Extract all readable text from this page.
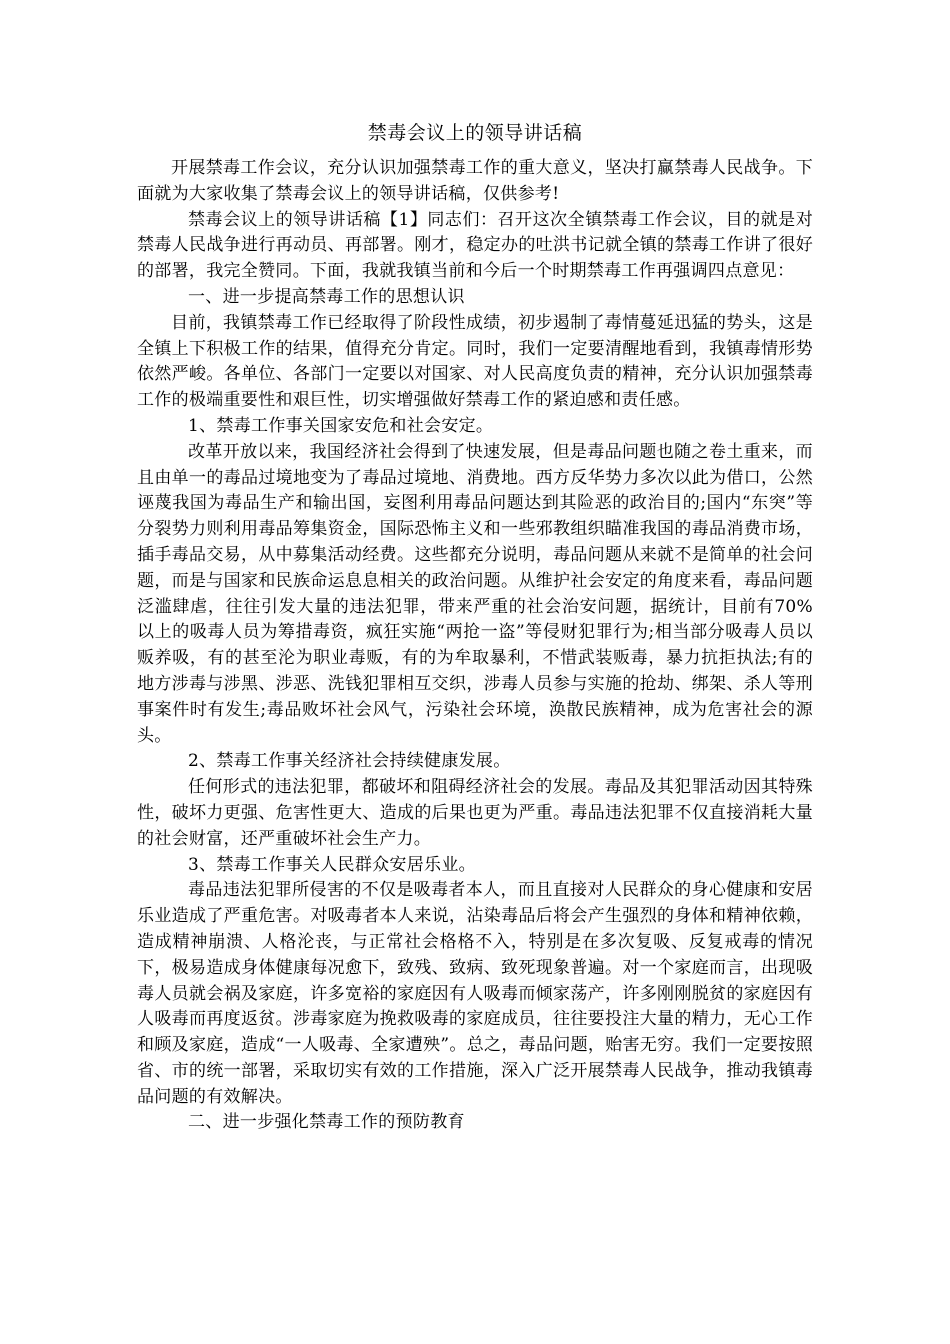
禁毒会议上的领导讲话稿

开展禁毒工作会议，充分认识加强禁毒工作的重大意义，坚决打赢禁毒人民战争。下面就为大家收集了禁毒会议上的领导讲话稿，仅供参考!

禁毒会议上的领导讲话稿【1】同志们：召开这次全镇禁毒工作会议，目的就是对禁毒人民战争进行再动员、再部署。刚才，稳定办的吐洪书记就全镇的禁毒工作讲了很好的部署，我完全赞同。下面，我就我镇当前和今后一个时期禁毒工作再强调四点意见：

一、进一步提高禁毒工作的思想认识

目前，我镇禁毒工作已经取得了阶段性成绩，初步遏制了毒情蔓延迅猛的势头，这是全镇上下积极工作的结果，值得充分肯定。同时，我们一定要清醒地看到，我镇毒情形势依然严峻。各单位、各部门一定要以对国家、对人民高度负责的精神，充分认识加强禁毒工作的极端重要性和艰巨性，切实增强做好禁毒工作的紧迫感和责任感。

1、禁毒工作事关国家安危和社会安定。

改革开放以来，我国经济社会得到了快速发展，但是毒品问题也随之卷土重来，而且由单一的毒品过境地变为了毒品过境地、消费地。西方反华势力多次以此为借口，公然诬蔑我国为毒品生产和输出国，妄图利用毒品问题达到其险恶的政治目的;国内“东突”等分裂势力则利用毒品筹集资金，国际恐怖主义和一些邪教组织瞄准我国的毒品消费市场，插手毒品交易，从中募集活动经费。这些都充分说明，毒品问题从来就不是简单的社会问题，而是与国家和民族命运息息相关的政治问题。从维护社会安定的角度来看，毒品问题泛滥肆虐，往往引发大量的违法犯罪，带来严重的社会治安问题，据统计，目前有70%以上的吸毒人员为筹措毒资，疯狂实施“两抢一盗”等侵财犯罪行为;相当部分吸毒人员以贩养吸，有的甚至沦为职业毒贩，有的为牟取暴利，不惜武装贩毒，暴力抗拒执法;有的地方涉毒与涉黑、涉恶、洗钱犯罪相互交织，涉毒人员参与实施的抢劫、绑架、杀人等刑事案件时有发生;毒品败坏社会风气，污染社会环境，涣散民族精神，成为危害社会的源头。

2、禁毒工作事关经济社会持续健康发展。

任何形式的违法犯罪，都破坏和阻碍经济社会的发展。毒品及其犯罪活动因其特殊性，破坏力更强、危害性更大、造成的后果也更为严重。毒品违法犯罪不仅直接消耗大量的社会财富，还严重破坏社会生产力。

3、禁毒工作事关人民群众安居乐业。

毒品违法犯罪所侵害的不仅是吸毒者本人，而且直接对人民群众的身心健康和安居乐业造成了严重危害。对吸毒者本人来说，沾染毒品后将会产生强烈的身体和精神依赖，造成精神崩溃、人格沦丧，与正常社会格格不入，特别是在多次复吸、反复戒毒的情况下，极易造成身体健康每况愈下，致残、致病、致死现象普遍。对一个家庭而言，出现吸毒人员就会祸及家庭，许多宽裕的家庭因有人吸毒而倾家荡产，许多刚刚脱贫的家庭因有人吸毒而再度返贫。涉毒家庭为挽救吸毒的家庭成员，往往要投注大量的精力，无心工作和顾及家庭，造成“一人吸毒、全家遭殃”。总之，毒品问题，贻害无穷。我们一定要按照省、市的统一部署，采取切实有效的工作措施，深入广泛开展禁毒人民战争，推动我镇毒品问题的有效解决。

二、进一步强化禁毒工作的预防教育
